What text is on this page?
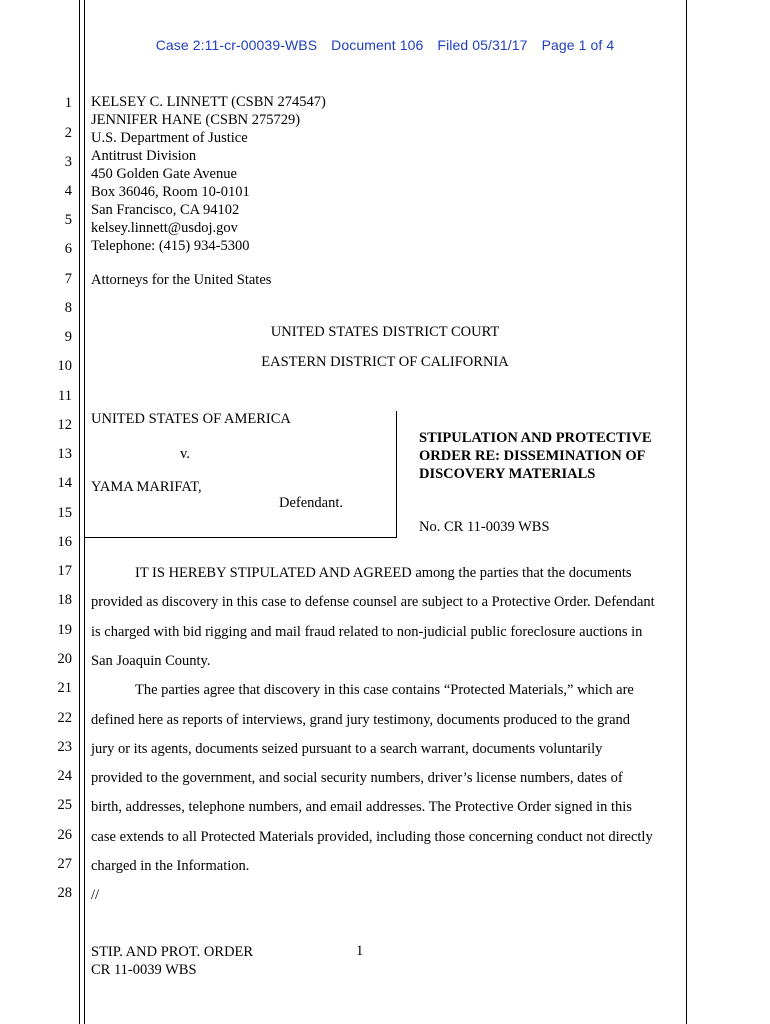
Case 2:11-cr-00039-WBS Document 106 Filed 05/31/17 Page 1 of 4
1
2
3
4
5
6
7
8
9
10
11
12
13
14
15
16
17
18
19
20
21
22
23
24
25
26
27
28
KELSEY C. LINNETT (CSBN 274547)
JENNIFER HANE (CSBN 275729)
U.S. Department of Justice
Antitrust Division
450 Golden Gate Avenue
Box 36046, Room 10-0101
San Francisco, CA 94102
kelsey.linnett@usdoj.gov
Telephone: (415) 934-5300
Attorneys for the United States
UNITED STATES DISTRICT COURT
EASTERN DISTRICT OF CALIFORNIA
UNITED STATES OF AMERICA
v.
YAMA MARIFAT,
Defendant.
STIPULATION AND PROTECTIVE
ORDER RE: DISSEMINATION OF
DISCOVERY MATERIALS
No. CR 11-0039 WBS
IT IS HEREBY STIPULATED AND AGREED among the parties that the documents
provided as discovery in this case to defense counsel are subject to a Protective Order. Defendant
is charged with bid rigging and mail fraud related to non-judicial public foreclosure auctions in
San Joaquin County.
The parties agree that discovery in this case contains “Protected Materials,” which are
defined here as reports of interviews, grand jury testimony, documents produced to the grand
jury or its agents, documents seized pursuant to a search warrant, documents voluntarily
provided to the government, and social security numbers, driver’s license numbers, dates of
birth, addresses, telephone numbers, and email addresses. The Protective Order signed in this
case extends to all Protected Materials provided, including those concerning conduct not directly
charged in the Information.
//
STIP. AND PROT. ORDER
CR 11-0039 WBS
1
